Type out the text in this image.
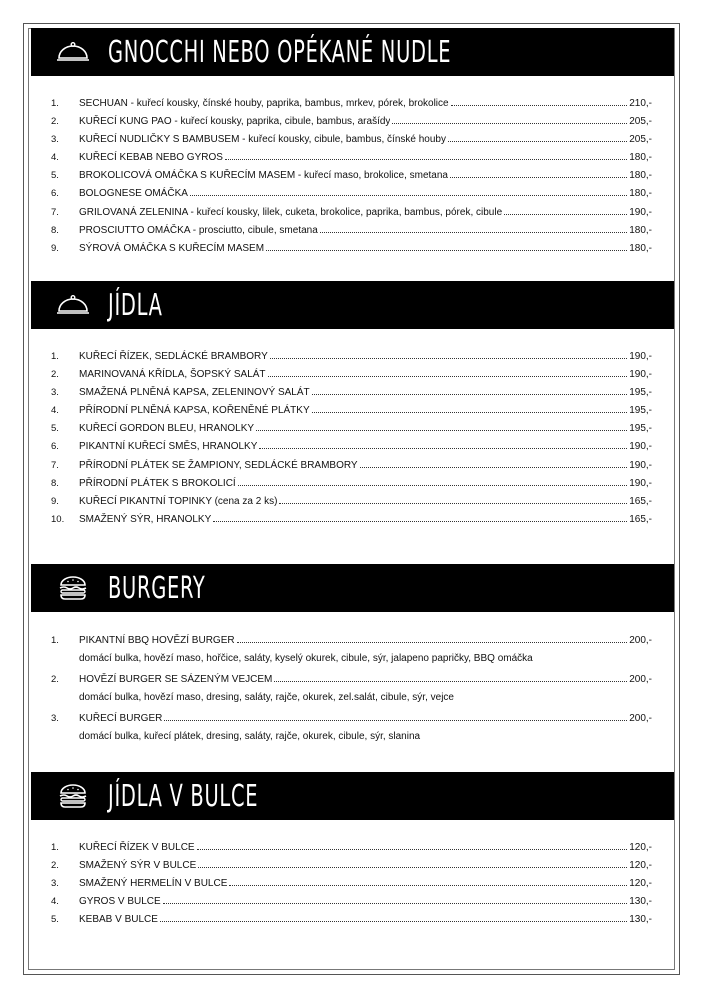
GNOCCHI NEBO OPÉKANÉ NUDLE
1.	SECHUAN - kuřecí kousky, čínské houby, paprika, bambus, mrkev, pórek, brokolice	210,-
2.	KUŘECÍ KUNG PAO - kuřecí kousky, paprika, cibule, bambus, arašídy	205,-
3.	KUŘECÍ NUDLIČKY S BAMBUSEM - kuřecí kousky, cibule, bambus, čínské houby	205,-
4.	KUŘECÍ KEBAB NEBO GYROS	180,-
5.	BROKOLICOVÁ OMÁČKA S KUŘECÍM MASEM - kuřecí maso, brokolice, smetana	180,-
6.	BOLOGNESE OMÁČKA	180,-
7.	GRILOVANÁ ZELENINA - kuřecí kousky, lilek, cuketa, brokolice, paprika, bambus, pórek, cibule	190,-
8.	PROSCIUTTO OMÁČKA - prosciutto, cibule, smetana	180,-
9.	SÝROVÁ OMÁČKA S KUŘECÍM MASEM	180,-
JÍDLA
1.	KUŘECÍ ŘÍZEK, SEDLÁCKÉ BRAMBORY	190,-
2.	MARINOVANÁ KŘÍDLA, ŠOPSKÝ SALÁT	190,-
3.	SMAŽENÁ PLNĚNÁ KAPSA, ZELENINOVÝ SALÁT	195,-
4.	PŘÍRODNÍ PLNĚNÁ KAPSA, KOŘENĚNÉ PLÁTKY	195,-
5.	KUŘECÍ GORDON BLEU, HRANOLKY	195,-
6.	PIKANTNÍ KUŘECÍ SMĚS, HRANOLKY	190,-
7.	PŘÍRODNÍ PLÁTEK SE ŽAMPIONY, SEDLÁCKÉ BRAMBORY	190,-
8.	PŘÍRODNÍ PLÁTEK S BROKOLICÍ	190,-
9.	KUŘECÍ PIKANTNÍ TOPINKY (cena za 2 ks)	165,-
10.	SMAŽENÝ SÝR, HRANOLKY	165,-
BURGERY
1.	PIKANTNÍ BBQ HOVĚZÍ BURGER	200,-
domácí bulka, hovězí maso, hořčice, saláty, kyselý okurek, cibule, sýr, jalapeno papričky, BBQ omáčka
2.	HOVĚZÍ BURGER SE SÁZENÝM VEJCEM	200,-
domácí bulka, hovězí maso, dresing, saláty, rajče, okurek, zel.salát, cibule, sýr, vejce
3.	KUŘECÍ BURGER	200,-
domácí bulka, kuřecí plátek, dresing, saláty, rajče, okurek, cibule, sýr, slanina
JÍDLA V BULCE
1.	KUŘECÍ ŘÍZEK V BULCE	120,-
2.	SMAŽENÝ SÝR V BULCE	120,-
3.	SMAŽENÝ HERMELÍN V BULCE	120,-
4.	GYROS V BULCE	130,-
5.	KEBAB V BULCE	130,-
